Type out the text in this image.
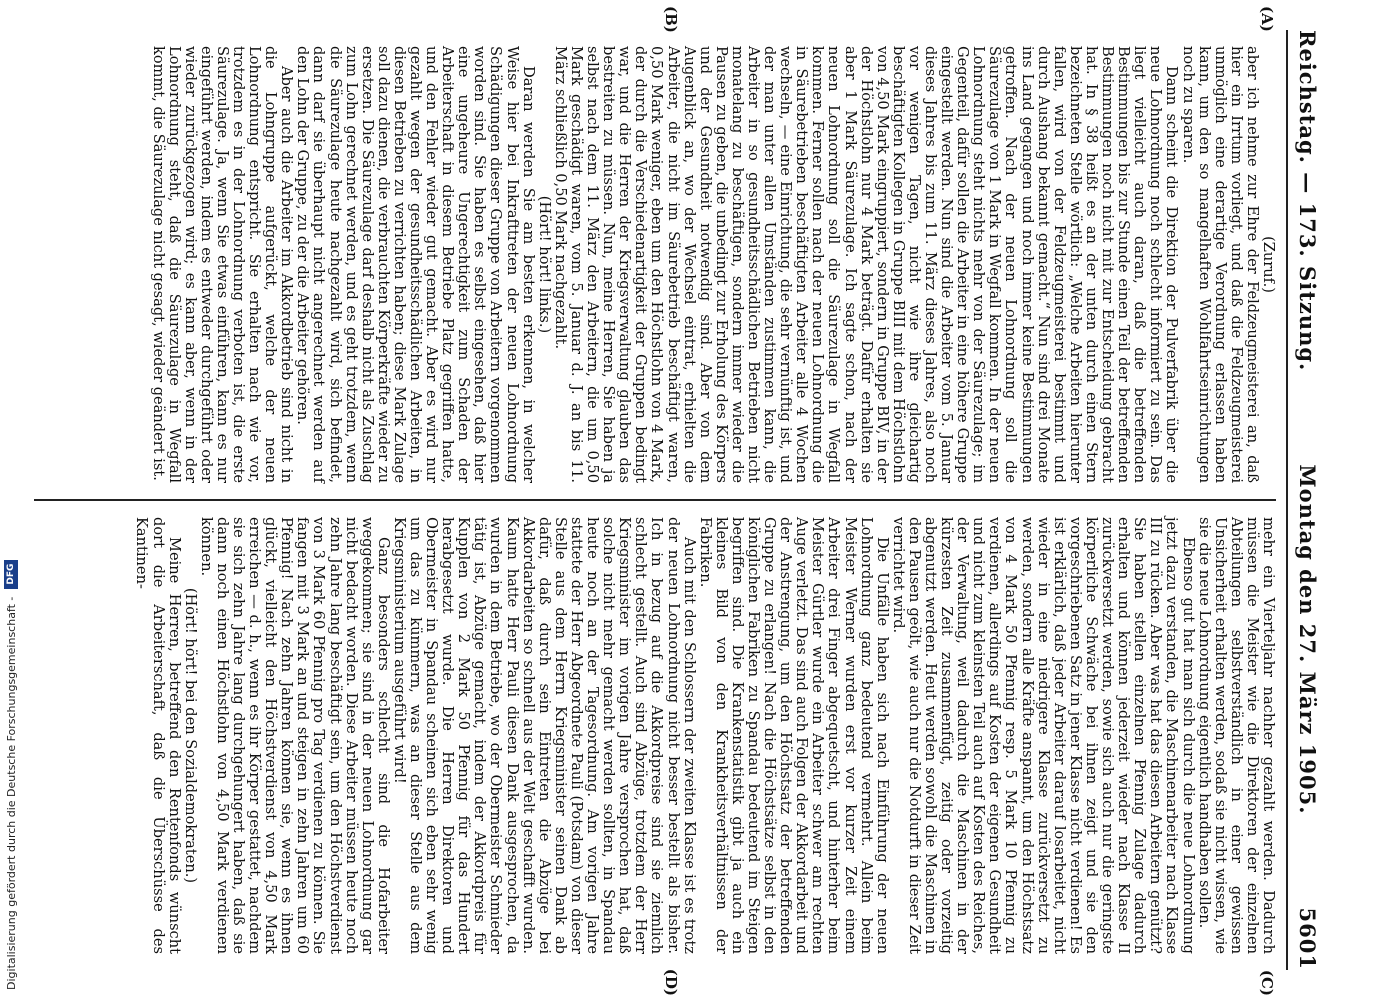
Reichstag. — 173. Sitzung.
Montag den 27. März 1905.
5601

(Zuruf.)

aber ich nehme zur Ehre der Feldzeugmeisterei an, daß hier ein Irrtum vorliegt, und daß die Feldzeugmeisterei unmöglich eine derartige Verordnung erlassen haben kann, um den so mangelhaften Wohlfahrtseinrichtungen noch zu sparen.

Dann scheint die Direktion der Pulverfabrik über die neue Lohnordnung noch schlecht informiert zu sein. Das liegt vielleicht auch daran, daß die betreffenden Bestimmungen bis zur Stunde einen Teil der betreffenden Bestimmungen noch nicht mit zur Entscheidung gebracht hat. In § 38 heißt es an der unten durch einen Stern bezeichneten Stelle wörtlich: „Welche Arbeiten hierunter fallen, wird von der Feldzeugmeisterei bestimmt und durch Aushang bekannt gemacht.“ Nun sind drei Monate ins Land gegangen und noch immer keine Bestimmungen getroffen. Nach der neuen Lohnordnung soll die Säurezulage von 1 Mark in Wegfall kommen. In der neuen Lohnordnung steht nichts mehr von der Säurezulage; im Gegenteil, dafür sollen die Arbeiter in eine höhere Gruppe eingestellt werden. Nun sind die Arbeiter vom 5. Januar dieses Jahres bis zum 11. März dieses Jahres, also noch vor wenigen Tagen, nicht wie ihre gleichartig beschäftigten Kollegen in Gruppe BIII mit dem Höchstlohn von 4,50 Mark eingruppiert, sondern in Gruppe BIV, in der der Höchstlohn nur 4 Mark beträgt. Dafür erhalten sie aber 1 Mark Säurezulage. Ich sagte schon, nach der neuen Lohnordnung soll die Säurezulage in Wegfall kommen. Ferner sollen nach der neuen Lohnordnung die in Säurebetrieben beschäftigten Arbeiter alle 4 Wochen wechseln, — eine Einrichtung, die sehr vernünftig ist, und der man unter allen Umständen zustimmen kann, die Arbeiter in so gesundheitsschädlichen Betrieben nicht monatelang zu beschäftigen, sondern immer wieder die Pausen zu geben, die unbedingt zur Erholung des Körpers und der Gesundheit notwendig sind. Aber von dem Augenblick an, wo der Wechsel eintrat, erhielten die Arbeiter, die nicht im Säurebetrieb beschäftigt waren, 0,50 Mark weniger, eben um den Höchstlohn von 4 Mark, der durch die Verschiedenartigkeit der Gruppen bedingt war, und die Herren der Kriegsverwaltung glauben das bestreiten zu müssen. Nun, meine Herren, Sie haben ja selbst nach dem 11. März den Arbeitern, die um 0,50 Mark geschädigt waren, vom 5. Januar d. J. an bis 11. März schließlich 0,50 Mark nachgezahlt.

(Hört! hört! links.)

Daran werden Sie am besten erkennen, in welcher Weise hier bei Inkrafttreten der neuen Lohnordnung Schädigungen dieser Gruppe von Arbeitern vorgenommen worden sind. Sie haben es selbst eingesehen, daß hier eine ungeheure Ungerechtigkeit zum Schaden der Arbeiterschaft in diesem Betriebe Platz gegriffen hatte, und den Fehler wieder gut gemacht. Aber es wird nur gezahlt wegen der gesundheitsschädlichen Arbeiten, in diesen Betrieben zu verrichten haben; diese Mark Zulage soll dazu dienen, die verbrauchten Körperkräfte wieder zu ersetzen. Die Säurezulage darf deshalb nicht als Zuschlag zum Lohn gerechnet werden, und es geht trotzdem, wenn die Säurezulage heute nachgezahlt wird, sich befindet, dann darf sie überhaupt nicht angerechnet werden auf den Lohn der Gruppe, zu der die Arbeiter gehören.

Aber auch die Arbeiter im Akkordbetrieb sind nicht in die Lohngruppe aufgerückt, welche der neuen Lohnordnung entspricht. Sie erhalten nach wie vor, trotzdem es in der Lohnordnung verboten ist, die erste Säurezulage. Ja, wenn Sie etwas einführen, kann es nur eingeführt werden, indem es entweder durchgeführt oder wieder zurückgezogen wird; es kann aber, wenn in der Lohnordnung steht, daß die Säurezulage in Wegfall kommt, die Säurezulage nicht gesagt, wieder geändert ist.

mehr ein Vierteljahr nachher gezahlt werden. Dadurch müssen die Meister wie die Direktoren der einzelnen Abteilungen selbstverständlich in einer gewissen Unsicherheit erhalten werden, sodaß sie nicht wissen, wie sie die neue Lohnordnung eigentlich handhaben sollen.

Ebenso gut hat man sich durch die neue Lohnordnung jetzt dazu verstanden, die Maschinenarbeiter nach Klasse III zu rücken. Aber was hat das diesen Arbeitern genützt? Sie haben stellen einzelnen Pfennig Zulage dadurch erhalten und können jederzeit wieder nach Klasse II zurückversetzt werden, sowie sich auch nur die geringste körperliche Schwäche bei ihnen zeigt und sie den vorgeschriebenen Satz in jener Klasse nicht verdienen! Es ist erklärlich, daß jeder Arbeiter darauf losarbeitet, nicht wieder in eine niedrigere Klasse zurückversetzt zu werden, sondern alle Kräfte anspannt, um den Höchstsatz von 4 Mark 50 Pfennig resp. 5 Mark 10 Pfennig zu verdienen, allerdings auf Kosten der eigenen Gesundheit und nicht zum kleinsten Teil auch auf Kosten des Reiches, der Verwaltung, weil dadurch die Maschinen in der kürzesten Zeit zusammenfügt, zeitig oder vorzeitig abgenutzt werden. Heut werden sowohl die Maschinen in den Pausen geölt, wie auch nur die Notdurft in dieser Zeit verrichtet wird.

Die Unfälle haben sich nach Einführung der neuen Lohnordnung ganz bedeutend vermehrt. Allein beim Meister Werner wurden erst vor kurzer Zeit einem Arbeiter drei Finger abgequetscht, und hinterher beim Meister Gürtler wurde ein Arbeiter schwer am rechten Auge verletzt. Das sind auch Folgen der Akkordarbeit und der Anstrengung, um den Höchstsatz der betreffenden Gruppe zu erlangen! Nach die Höchstsätze selbst in den königlichen Fabriken zu Spandau bedeutend im Steigen begriffen sind. Die Krankenstatistik gibt ja auch ein kleines Bild von den Krankheitsverhältnissen der Fabriken.

Auch mit den Schlossern der zweiten Klasse ist es trotz der neuen Lohnordnung nicht besser bestellt als bisher. Ich in bezug auf die Akkordpreise sind sie ziemlich schlecht gestellt. Auch sind Abzüge, trotzdem der Herr Kriegsminister im vorigen Jahre versprochen hat, daß solche nicht mehr gemacht werden sollten, in Spandau heute noch an der Tagesordnung. Am vorigen Jahre stattete der Herr Abgeordnete Pauli (Potsdam) von dieser Stelle aus dem Herrn Kriegsminister seinen Dank ab dafür, daß durch sein Eintreten die Abzüge bei Akkordarbeiten so schnell aus der Welt geschafft wurden. Kaum hatte Herr Pauli diesen Dank ausgesprochen, da wurden in dem Betriebe, wo der Obermeister Schmieder tätig ist, Abzüge gemacht, indem der Akkordpreis für Kupplen von 2 Mark 50 Pfennig für das Hundert herabgesetzt wurde. Die Herren Direktoren und Obermeister in Spandau scheinen sich eben sehr wenig um das zu kümmern, was an dieser Stelle aus dem Kriegsministerium ausgeführt wird!

Ganz besonders schlecht sind die Hofarbeiter weggekommen; sie sind in der neuen Lohnordnung gar nicht bedacht worden. Diese Arbeiter müssen heute noch zehn Jahre lang beschäftigt sein, um den Höchstverdienst von 3 Mark 60 Pfennig pro Tag verdienen zu können. Sie fangen mit 3 Mark an und steigen in zehn Jahren um 60 Pfennig! Nach zehn Jahren können sie, wenn es ihnen glückt, vielleicht den Höchstverdienst von 4,50 Mark erreichen — d. h., wenn es ihr Körper gestattet, nachdem sie sich zehn Jahre lang durchgehungert haben, daß sie dann noch einen Höchstlohn von 4,50 Mark verdienen können.

(Hört! hört! bei den Sozialdemokraten.)

Meine Herren, betreffend den Rentenfonds wünscht dort die Arbeiterschaft, daß die Überschüsse des Kantinen-

(A)
(B)
(C)
(D)
Digitalisierung gefördert durch die Deutsche Forschungsgemeinschaft -
DFG
